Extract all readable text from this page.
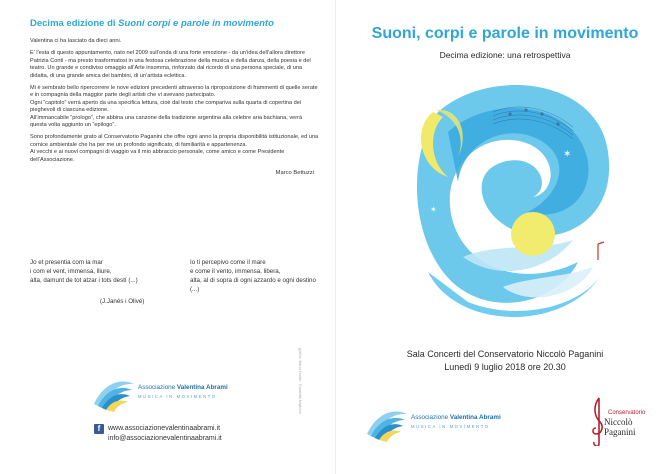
Decima edizione di Suoni corpi e parole in movimento

Valentina ci ha lasciato da dieci anni.

E’ l’esta di questo appuntamento, nato nel 2009 sull’onda di una forte emozione - da un’idea dell’allora direttore Patrizia Conti - ma presto trasformatosi in una festosa celebrazione della musica e della danza, della poesia e del teatro. Un grande e condiviso omaggio all’Arte insomma, rinforzato dal ricordo di una persona speciale, di una didatta, di una grande amica dei bambini, di un’artista eclettica.

Mi è sembrato bello ripercorrere le nove edizioni precedenti attraverso la riproposizione di frammenti di quelle serate e in compagnia della maggior parte degli artisti che vi avevano partecipato.

Ogni “capitolo” verrà aperto da una specifica lettura, cioè dal testo che compariva sulla quarta di copertina dei pieghevoli di ciascuna edizione.

All’immancabile “prologo”, che abbina una canzone della tradizione argentina alla celebre aria bachiana, verrà questa volta aggiunto un “epilogo”.

Sono profondamente grato al Conservatorio Paganini che offre ogni anno la propria disponibilità istituzionale, ed una cornice ambientale che ha per me un profondo significato, di familiarità e appartenenza.

Ai vecchi e ai nuovi compagni di viaggio va il mio abbraccio personale, come amico e come Presidente dell’Associazione.

Marco Bettuzzi
Jo et presentia com la mar	Io ti percepivo come il mare
i com el vent, immensa, lliure,	e come il vento, immensa, libera,
alta, damunt de tot atzar i tots destí (...)	alta, al di sopra di ogni azzardo e ogni destino (...)
(J.Janés i Olivé)
grafica: Marco Nocito · Rosaletta Migliorini
Associazione Valentina Abrami
MUSICA IN MOVIMENTO
f	www.associazionevalentinaabrami.it
info@associazionevalentinaabrami.it
Suoni, corpi e parole in movimento
Decima edizione: una retrospettiva
✶
✶
Sala Concerti del Conservatorio Niccolò Paganini
Lunedì 9 luglio 2018 ore 20.30
Associazione Valentina Abrami
MUSICA IN MOVIMENTO
Conservatorio
Niccolò
Paganini
